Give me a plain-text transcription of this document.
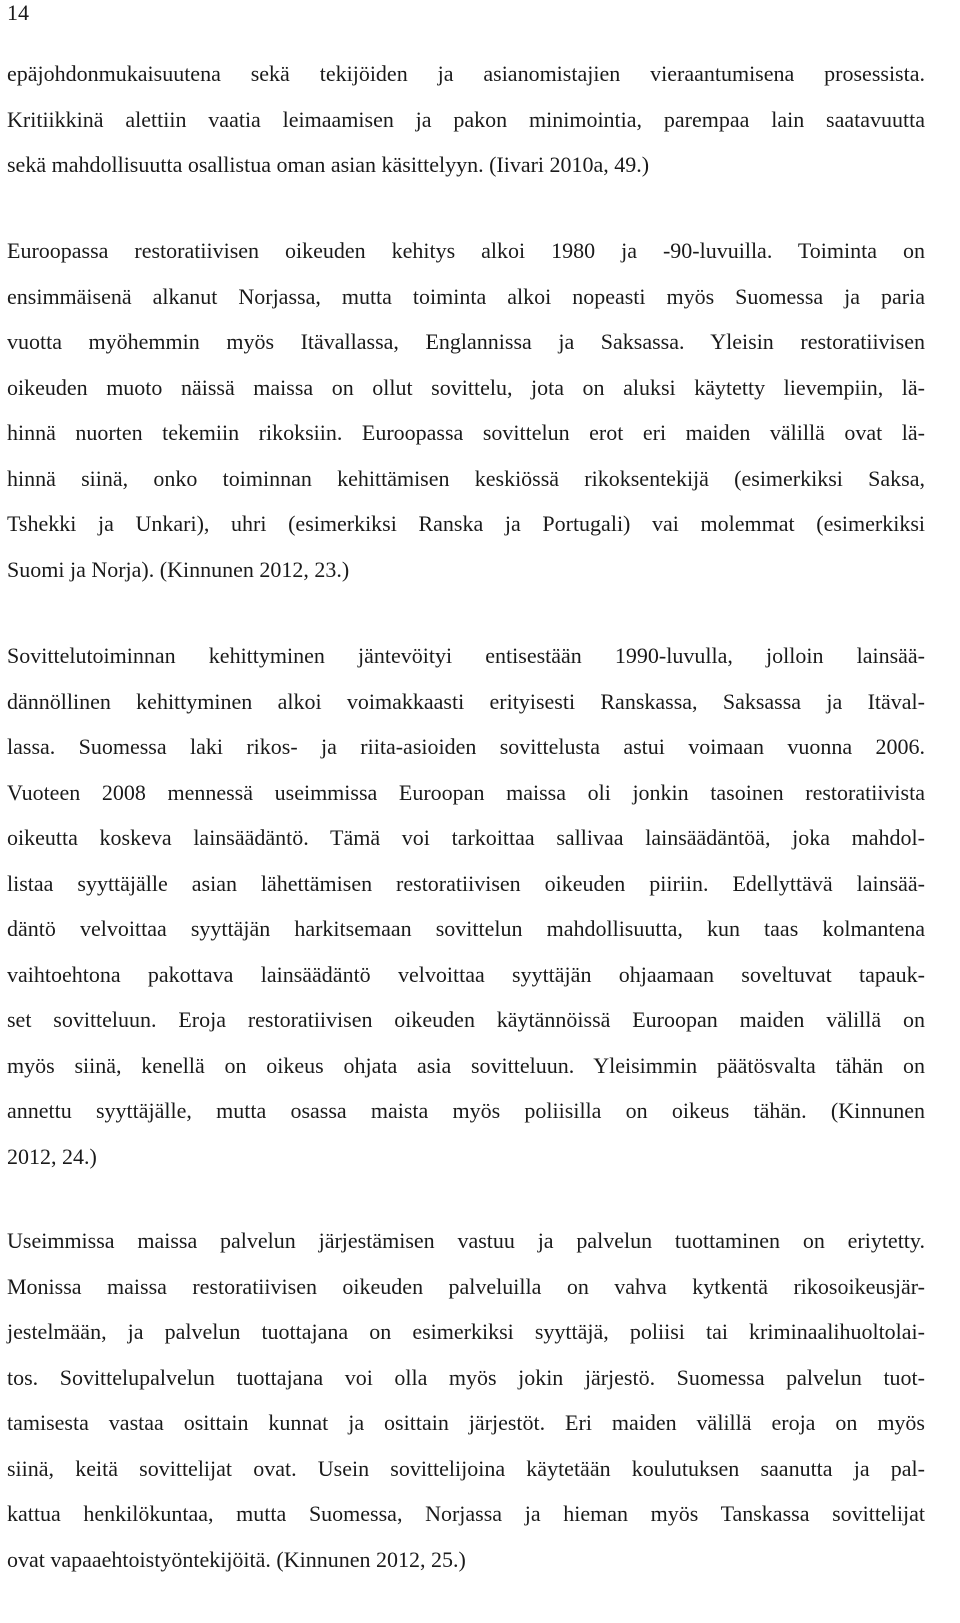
14
epäjohdonmukaisuutena sekä tekijöiden ja asianomistajien vieraantumisena prosessista.
Kritiikkinä alettiin vaatia leimaamisen ja pakon minimointia, parempaa lain saatavuutta
sekä mahdollisuutta osallistua oman asian käsittelyyn. (Iivari 2010a, 49.)
Euroopassa restoratiivisen oikeuden kehitys alkoi 1980 ja -90-luvuilla. Toiminta on
ensimmäisenä alkanut Norjassa, mutta toiminta alkoi nopeasti myös Suomessa ja paria
vuotta myöhemmin myös Itävallassa, Englannissa ja Saksassa. Yleisin restoratiivisen
oikeuden muoto näissä maissa on ollut sovittelu, jota on aluksi käytetty lievempiin, lä-
hinnä nuorten tekemiin rikoksiin. Euroopassa sovittelun erot eri maiden välillä ovat lä-
hinnä siinä, onko toiminnan kehittämisen keskiössä rikoksentekijä (esimerkiksi Saksa,
Tshekki ja Unkari), uhri (esimerkiksi Ranska ja Portugali) vai molemmat (esimerkiksi
Suomi ja Norja). (Kinnunen 2012, 23.)
Sovittelutoiminnan kehittyminen jäntevöityi entisestään 1990-luvulla, jolloin lainsää-
dännöllinen kehittyminen alkoi voimakkaasti erityisesti Ranskassa, Saksassa ja Itäval-
lassa. Suomessa laki rikos- ja riita-asioiden sovittelusta astui voimaan vuonna 2006.
Vuoteen 2008 mennessä useimmissa Euroopan maissa oli jonkin tasoinen restoratiivista
oikeutta koskeva lainsäädäntö. Tämä voi tarkoittaa sallivaa lainsäädäntöä, joka mahdol-
listaa syyttäjälle asian lähettämisen restoratiivisen oikeuden piiriin. Edellyttävä lainsää-
däntö velvoittaa syyttäjän harkitsemaan sovittelun mahdollisuutta, kun taas kolmantena
vaihtoehtona pakottava lainsäädäntö velvoittaa syyttäjän ohjaamaan soveltuvat tapauk-
set sovitteluun. Eroja restoratiivisen oikeuden käytännöissä Euroopan maiden välillä on
myös siinä, kenellä on oikeus ohjata asia sovitteluun. Yleisimmin päätösvalta tähän on
annettu syyttäjälle, mutta osassa maista myös poliisilla on oikeus tähän. (Kinnunen
2012, 24.)
Useimmissa maissa palvelun järjestämisen vastuu ja palvelun tuottaminen on eriytetty.
Monissa maissa restoratiivisen oikeuden palveluilla on vahva kytkentä rikosoikeusjär-
jestelmään, ja palvelun tuottajana on esimerkiksi syyttäjä, poliisi tai kriminaalihuoltolai-
tos. Sovittelupalvelun tuottajana voi olla myös jokin järjestö. Suomessa palvelun tuot-
tamisesta vastaa osittain kunnat ja osittain järjestöt. Eri maiden välillä eroja on myös
siinä, keitä sovittelijat ovat. Usein sovittelijoina käytetään koulutuksen saanutta ja pal-
kattua henkilökuntaa, mutta Suomessa, Norjassa ja hieman myös Tanskassa sovittelijat
ovat vapaaehtoistyöntekijöitä. (Kinnunen 2012, 25.)
